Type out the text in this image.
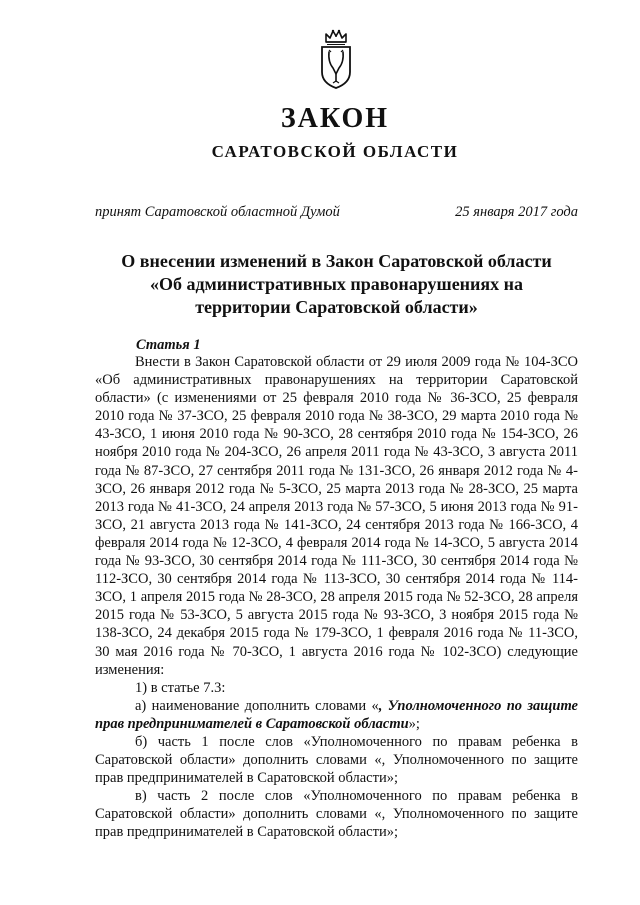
ЗАКОН
САРАТОВСКОЙ ОБЛАСТИ
принят Саратовской областной Думой	25 января 2017 года
О внесении изменений в Закон Саратовской области
«Об административных правонарушениях на
территории Саратовской области»
Статья 1

Внести в Закон Саратовской области от 29 июля 2009 года № 104-ЗСО «Об административных правонарушениях на территории Саратовской области» (с изменениями от 25 февраля 2010 года № 36-ЗСО, 25 февраля 2010 года № 37-ЗСО, 25 февраля 2010 года № 38-ЗСО, 29 марта 2010 года № 43-ЗСО, 1 июня 2010 года № 90-ЗСО, 28 сентября 2010 года № 154-ЗСО, 26 ноября 2010 года № 204-ЗСО, 26 апреля 2011 года № 43-ЗСО, 3 августа 2011 года № 87-ЗСО, 27 сентября 2011 года № 131-ЗСО, 26 января 2012 года № 4-ЗСО, 26 января 2012 года № 5-ЗСО, 25 марта 2013 года № 28-ЗСО, 25 марта 2013 года № 41-ЗСО, 24 апреля 2013 года № 57-ЗСО, 5 июня 2013 года № 91-ЗСО, 21 августа 2013 года № 141-ЗСО, 24 сентября 2013 года № 166-ЗСО, 4 февраля 2014 года № 12-ЗСО, 4 февраля 2014 года № 14-ЗСО, 5 августа 2014 года № 93-ЗСО, 30 сентября 2014 года № 111-ЗСО, 30 сентября 2014 года № 112-ЗСО, 30 сентября 2014 года № 113-ЗСО, 30 сентября 2014 года № 114-ЗСО, 1 апреля 2015 года № 28-ЗСО, 28 апреля 2015 года № 52-ЗСО, 28 апреля 2015 года № 53-ЗСО, 5 августа 2015 года № 93-ЗСО, 3 ноября 2015 года № 138-ЗСО, 24 декабря 2015 года № 179-ЗСО, 1 февраля 2016 года № 11-ЗСО, 30 мая 2016 года № 70-ЗСО, 1 августа 2016 года № 102-ЗСО) следующие изменения:

1) в статье 7.3:

а) наименование дополнить словами «, Уполномоченного по защите прав предпринимателей в Саратовской области»;

б) часть 1 после слов «Уполномоченного по правам ребенка в Саратовской области» дополнить словами «, Уполномоченного по защите прав предпринимателей в Саратовской области»;

в) часть 2 после слов «Уполномоченного по правам ребенка в Саратовской области» дополнить словами «, Уполномоченного по защите прав предпринимателей в Саратовской области»;
